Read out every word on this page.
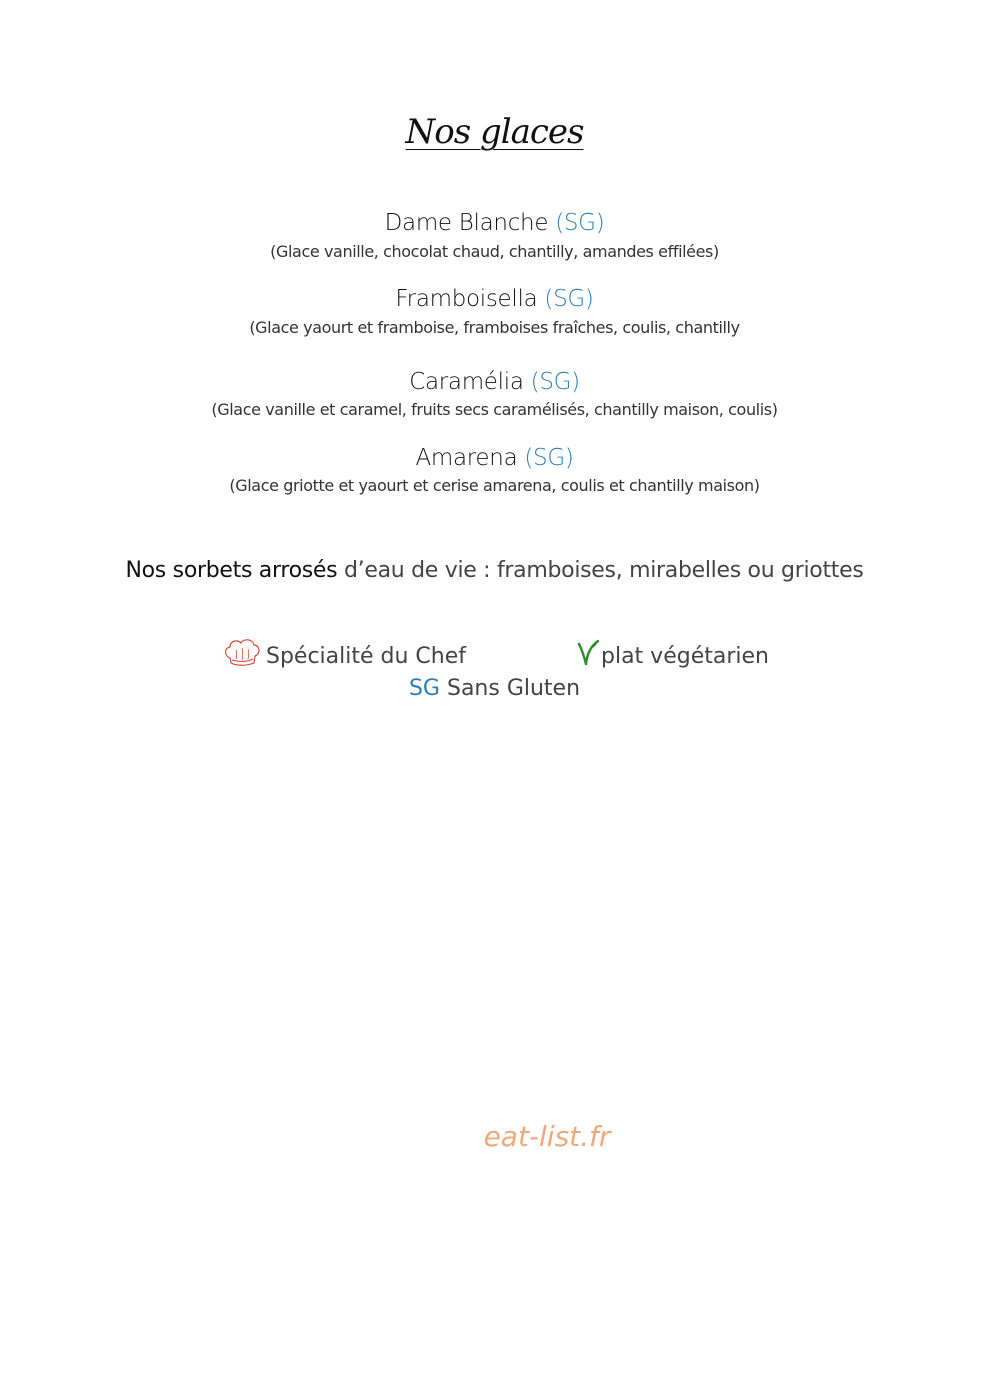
Nos glaces
Dame Blanche (SG)
(Glace vanille, chocolat chaud, chantilly, amandes effilées)
Framboisella (SG)
(Glace yaourt et framboise, framboises fraîches, coulis, chantilly
Caramélia (SG)
(Glace vanille et caramel, fruits secs caramélisés, chantilly maison, coulis)
Amarena (SG)
(Glace griotte et yaourt et cerise amarena, coulis et chantilly maison)
Nos sorbets arrosés d’eau de vie : framboises, mirabelles ou griottes
Spécialité du Chef	plat végétarien
SG Sans Gluten
eat-list.fr
